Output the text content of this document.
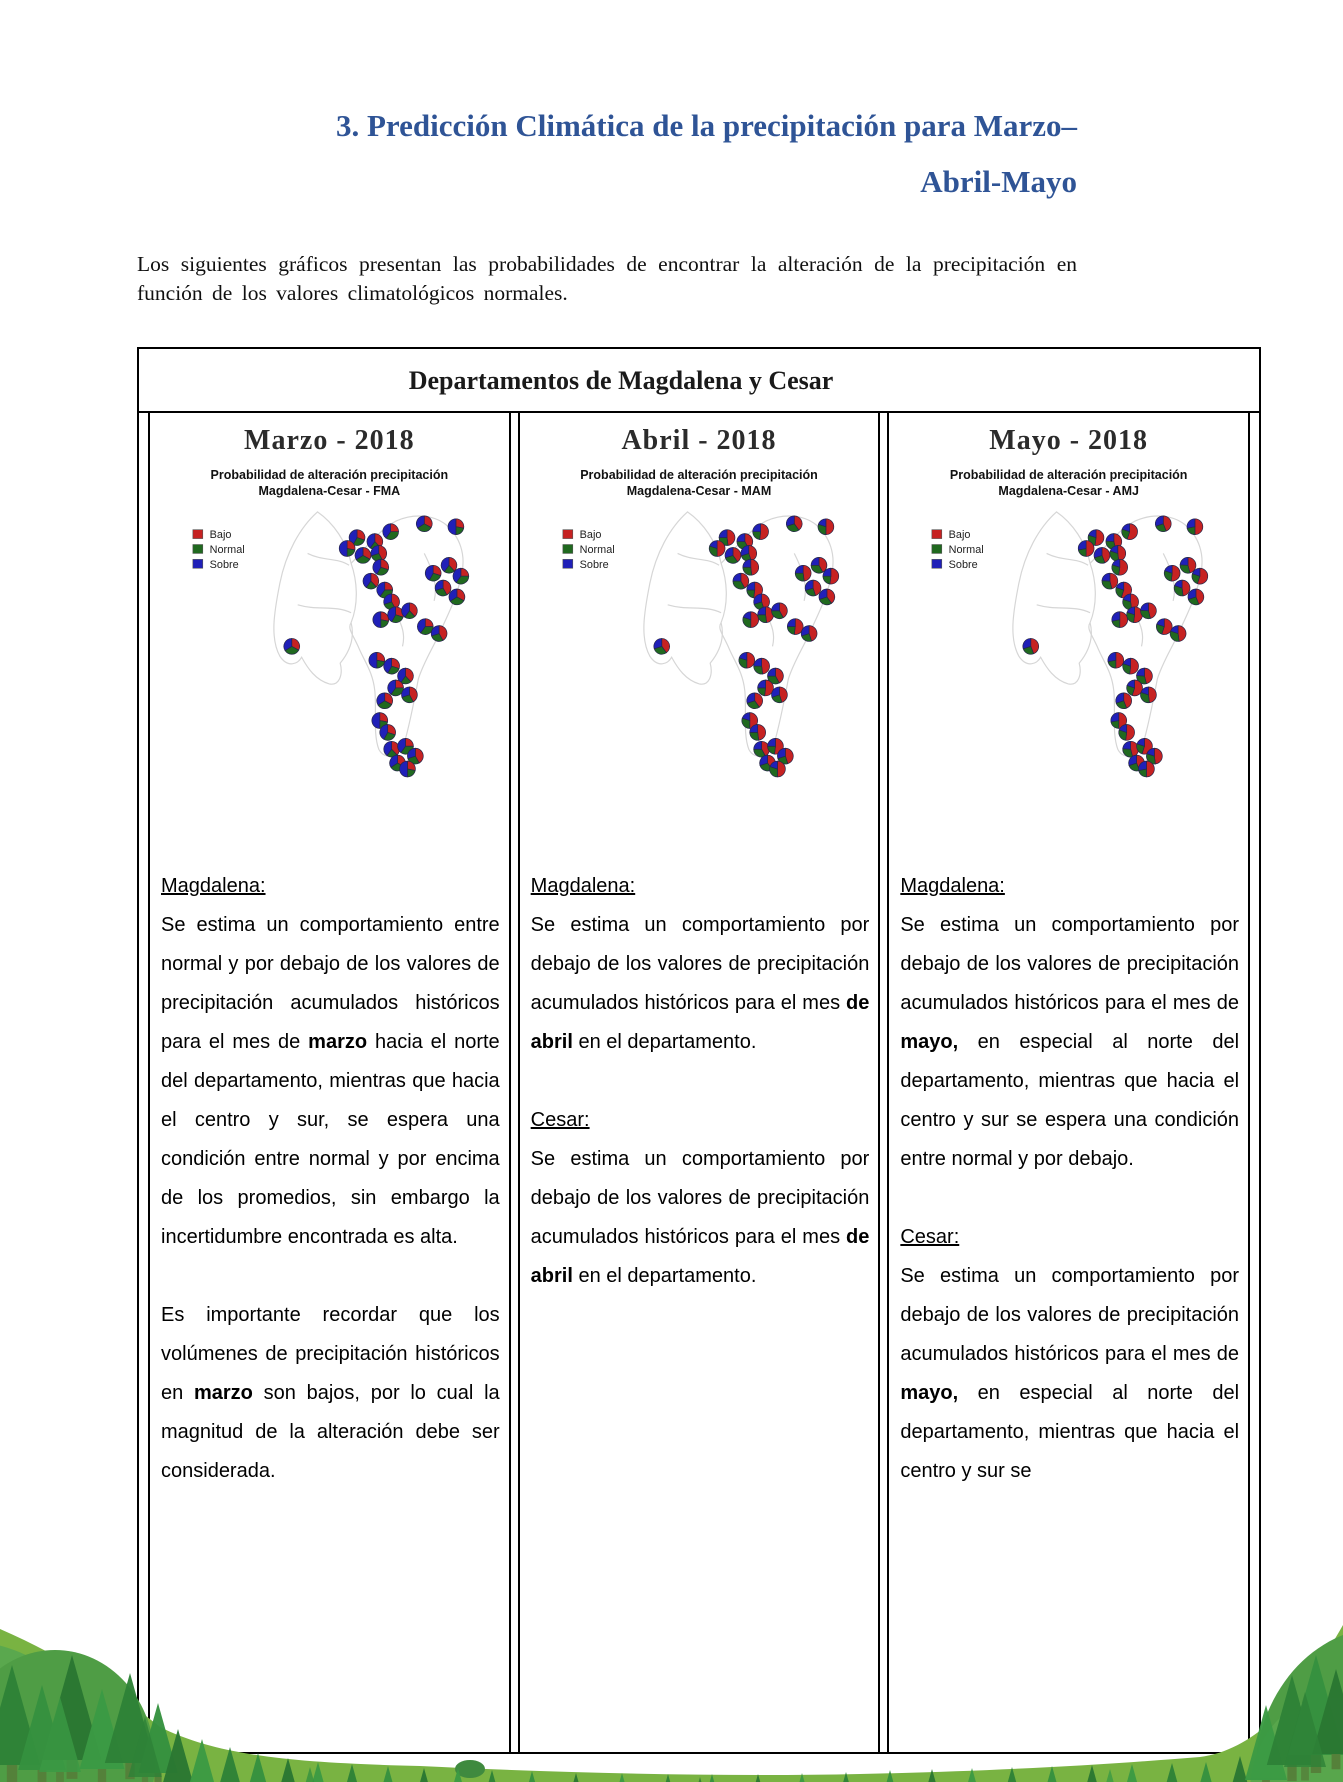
3. Predicción Climática de la precipitación para Marzo–
Abril-Mayo
Los siguientes gráficos presentan las probabilidades de encontrar la alteración de la precipitación en función de los valores climatológicos normales.
Departamentos de Magdalena y Cesar
Marzo - 2018
Probabilidad de alteración precipitación
Magdalena-Cesar - FMA
Bajo
Normal
Sobre
Magdalena:

Se estima un comportamiento entre normal y por debajo de los valores de precipitación acumulados históricos para el mes de marzo hacia el norte del departamento, mientras que hacia el centro y sur, se espera una condición entre normal y por encima de los promedios, sin embargo la incertidumbre encontrada es alta.

Es importante recordar que los volúmenes de precipitación históricos en marzo son bajos, por lo cual la magnitud de la alteración debe ser considerada.

Abril - 2018
Probabilidad de alteración precipitación
Magdalena-Cesar - MAM
Bajo
Normal
Sobre
Magdalena:

Se estima un comportamiento por debajo de los valores de precipitación acumulados históricos para el mes de abril en el departamento.

Cesar:

Se estima un comportamiento por debajo de los valores de precipitación acumulados históricos para el mes de abril en el departamento.

Mayo - 2018
Probabilidad de alteración precipitación
Magdalena-Cesar - AMJ
Bajo
Normal
Sobre
Magdalena:

Se estima un comportamiento por debajo de los valores de precipitación acumulados históricos para el mes de mayo, en especial al norte del departamento, mientras que hacia el centro y sur se espera una condición entre normal y por debajo.

Cesar:

Se estima un comportamiento por debajo de los valores de precipitación acumulados históricos para el mes de mayo, en especial al norte del departamento, mientras que hacia el centro y sur se
